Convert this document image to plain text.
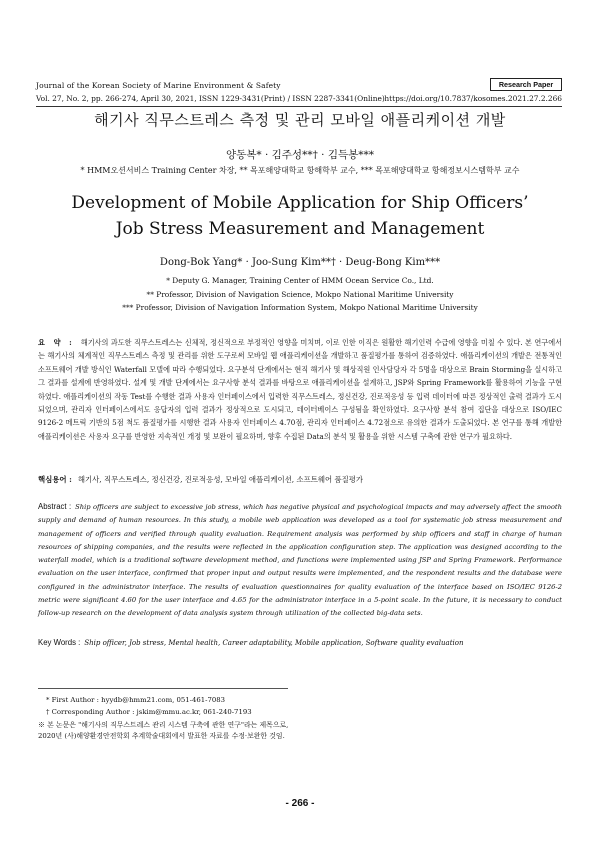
Journal of the Korean Society of Marine Environment & Safety	Research Paper
Vol. 27, No. 2, pp. 266-274, April 30, 2021, ISSN 1229-3431(Print) / ISSN 2287-3341(Online) https://doi.org/10.7837/kosomes.2021.27.2.266
해기사 직무스트레스 측정 및 관리 모바일 애플리케이션 개발
양동복* · 김주성**† · 김득봉***
* HMM오션서비스 Training Center 차장, ** 목포해양대학교 항해학부 교수, *** 목포해양대학교 항해정보시스템학부 교수
Development of Mobile Application for Ship Officers’
Job Stress Measurement and Management
Dong-Bok Yang* · Joo-Sung Kim**† · Deug-Bong Kim***
* Deputy G. Manager, Training Center of HMM Ocean Service Co., Ltd.
** Professor, Division of Navigation Science, Mokpo National Maritime University
*** Professor, Division of Navigation Information System, Mokpo National Maritime University
요 약 : 해기사의 과도한 직무스트레스는 신체적, 정신적으로 부정적인 영향을 미치며, 이로 인한 이직은 원활한 해기인력 수급에 영향을 미칠 수 있다. 본 연구에서는 해기사의 체계적인 직무스트레스 측정 및 관리를 위한 도구로써 모바일 웹 애플리케이션을 개발하고 품질평가를 통하여 검증하였다. 애플리케이션의 개발은 전통적인 소프트웨어 개발 방식인 Waterfall 모델에 따라 수행되었다. 요구분석 단계에서는 현직 해기사 및 해상직원 인사담당자 각 5명을 대상으로 Brain Storming을 실시하고 그 결과를 설계에 반영하였다. 설계 및 개발 단계에서는 요구사항 분석 결과를 바탕으로 애플리케이션을 설계하고, JSP와 Spring Framework를 활용하여 기능을 구현하였다. 애플리케이션의 작동 Test를 수행한 결과 사용자 인터페이스에서 입력한 직무스트레스, 정신건강, 진로적응성 등 입력 데이터에 따른 정상적인 출력 결과가 도시되었으며, 관리자 인터페이스에서도 응답자의 입력 결과가 정상적으로 도시되고, 데이터베이스 구성됨을 확인하였다. 요구사항 분석 참여 집단을 대상으로 ISO/IEC 9126-2 메트릭 기반의 5점 척도 품질평가를 시행한 결과 사용자 인터페이스 4.70점, 관리자 인터페이스 4.72점으로 유의한 결과가 도출되었다. 본 연구를 통해 개발한 애플리케이션은 사용자 요구를 반영한 지속적인 개정 및 보완이 필요하며, 향후 수집된 Data의 분석 및 활용을 위한 시스템 구축에 관한 연구가 필요하다.
핵심용어 : 해기사, 직무스트레스, 정신건강, 진로적응성, 모바일 애플리케이션, 소프트웨어 품질평가
Abstract : Ship officers are subject to excessive job stress, which has negative physical and psychological impacts and may adversely affect the smooth supply and demand of human resources. In this study, a mobile web application was developed as a tool for systematic job stress measurement and management of officers and verified through quality evaluation. Requirement analysis was performed by ship officers and staff in charge of human resources of shipping companies, and the results were reflected in the application configuration step. The application was designed according to the waterfall model, which is a traditional software development method, and functions were implemented using JSP and Spring Framework. Performance evaluation on the user interface, confirmed that proper input and output results were implemented, and the respondent results and the database were configured in the administrator interface. The results of evaluation questionnaires for quality evaluation of the interface based on ISO/IEC 9126-2 metric were significant 4.60 for the user interface and 4.65 for the administrator interface in a 5-point scale. In the future, it is necessary to conduct follow-up research on the development of data analysis system through utilization of the collected big-data sets.
Key Words : Ship officer, Job stress, Mental health, Career adaptability, Mobile application, Software quality evaluation
* First Author : hyydb@hmm21.com, 051-461-7083
† Corresponding Author : jskim@mmu.ac.kr, 061-240-7193
※ 본 논문은 "해기사의 직무스트레스 관리 시스템 구축에 관한 연구"라는 제목으로, 2020년 (사)해양환경안전학회 추계학술대회에서 발표한 자료를 수정·보완한 것임.
- 266 -
